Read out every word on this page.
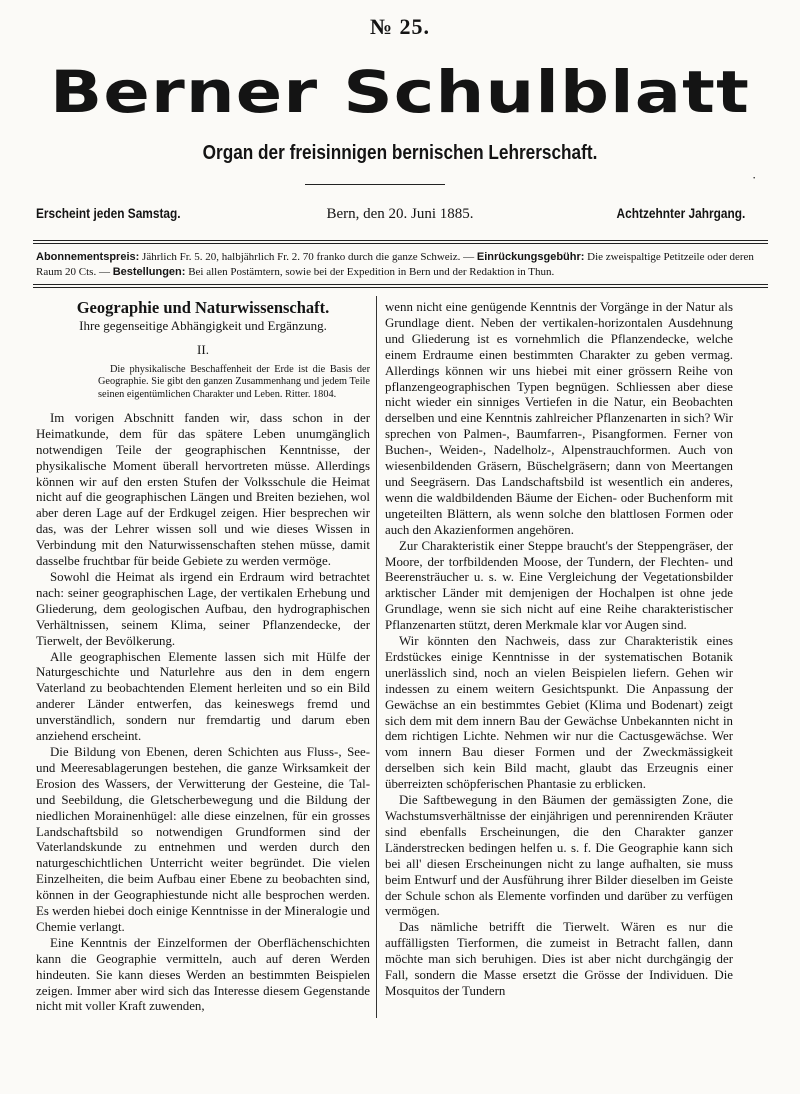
№ 25.
Berner Schulblatt
Organ der freisinnigen bernischen Lehrerschaft.
·
Erscheint jeden Samstag.	Bern, den 20. Juni 1885.	Achtzehnter Jahrgang.
Abonnementspreis: Jährlich Fr. 5. 20, halbjährlich Fr. 2. 70 franko durch die ganze Schweiz. — Einrückungsgebühr: Die zweispaltige Petitzeile oder deren Raum 20 Cts. — Bestellungen: Bei allen Postämtern, sowie bei der Expedition in Bern und der Redaktion in Thun.
Geographie und Naturwissenschaft.
Ihre gegenseitige Abhängigkeit und Ergänzung.
II.

Die physikalische Beschaffenheit der Erde ist die Basis der Geographie. Sie gibt den ganzen Zusammenhang und jedem Teile seinen eigentümlichen Charakter und Leben. Ritter. 1804.

Im vorigen Abschnitt fanden wir, dass schon in der Heimatkunde, dem für das spätere Leben unumgänglich notwendigen Teile der geographischen Kenntnisse, der physikalische Moment überall hervortreten müsse. Allerdings können wir auf den ersten Stufen der Volksschule die Heimat nicht auf die geographischen Längen und Breiten beziehen, wol aber deren Lage auf der Erdkugel zeigen. Hier besprechen wir das, was der Lehrer wissen soll und wie dieses Wissen in Verbindung mit den Naturwissenschaften stehen müsse, damit dasselbe fruchtbar für beide Gebiete zu werden vermöge.

Sowohl die Heimat als irgend ein Erdraum wird betrachtet nach: seiner geographischen Lage, der vertikalen Erhebung und Gliederung, dem geologischen Aufbau, den hydrographischen Verhältnissen, seinem Klima, seiner Pflanzendecke, der Tierwelt, der Bevölkerung.

Alle geographischen Elemente lassen sich mit Hülfe der Naturgeschichte und Naturlehre aus den in dem engern Vaterland zu beobachtenden Element herleiten und so ein Bild anderer Länder entwerfen, das keineswegs fremd und unverständlich, sondern nur fremdartig und darum eben anziehend erscheint.

Die Bildung von Ebenen, deren Schichten aus Fluss-, See- und Meeresablagerungen bestehen, die ganze Wirksamkeit der Erosion des Wassers, der Verwitterung der Gesteine, die Tal- und Seebildung, die Gletscherbewegung und die Bildung der niedlichen Morainenhügel: alle diese einzelnen, für ein grosses Landschaftsbild so notwendigen Grundformen sind der Vaterlandskunde zu entnehmen und werden durch den naturgeschichtlichen Unterricht weiter begründet. Die vielen Einzelheiten, die beim Aufbau einer Ebene zu beobachten sind, können in der Geographiestunde nicht alle besprochen werden. Es werden hiebei doch einige Kenntnisse in der Mineralogie und Chemie verlangt.

Eine Kenntnis der Einzelformen der Oberflächenschichten kann die Geographie vermitteln, auch auf deren Werden hindeuten. Sie kann dieses Werden an bestimmten Beispielen zeigen. Immer aber wird sich das Interesse diesem Gegenstande nicht mit voller Kraft zuwenden,

wenn nicht eine genügende Kenntnis der Vorgänge in der Natur als Grundlage dient. Neben der vertikalen-horizontalen Ausdehnung und Gliederung ist es vornehmlich die Pflanzendecke, welche einem Erdraume einen bestimmten Charakter zu geben vermag. Allerdings können wir uns hiebei mit einer grössern Reihe von pflanzengeographischen Typen begnügen. Schliessen aber diese nicht wieder ein sinniges Vertiefen in die Natur, ein Beobachten derselben und eine Kenntnis zahlreicher Pflanzenarten in sich? Wir sprechen von Palmen-, Baumfarren-, Pisangformen. Ferner von Buchen-, Weiden-, Nadelholz-, Alpenstrauchformen. Auch von wiesenbildenden Gräsern, Büschelgräsern; dann von Meertangen und Seegräsern. Das Landschaftsbild ist wesentlich ein anderes, wenn die waldbildenden Bäume der Eichen- oder Buchenform mit ungeteilten Blättern, als wenn solche den blattlosen Formen oder auch den Akazienformen angehören.

Zur Charakteristik einer Steppe braucht's der Steppengräser, der Moore, der torfbildenden Moose, der Tundern, der Flechten- und Beerensträucher u. s. w. Eine Vergleichung der Vegetationsbilder arktischer Länder mit demjenigen der Hochalpen ist ohne jede Grundlage, wenn sie sich nicht auf eine Reihe charakteristischer Pflanzenarten stützt, deren Merkmale klar vor Augen sind.

Wir könnten den Nachweis, dass zur Charakteristik eines Erdstückes einige Kenntnisse in der systematischen Botanik unerlässlich sind, noch an vielen Beispielen liefern. Gehen wir indessen zu einem weitern Gesichtspunkt. Die Anpassung der Gewächse an ein bestimmtes Gebiet (Klima und Bodenart) zeigt sich dem mit dem innern Bau der Gewächse Unbekannten nicht in dem richtigen Lichte. Nehmen wir nur die Cactusgewächse. Wer vom innern Bau dieser Formen und der Zweckmässigkeit derselben sich kein Bild macht, glaubt das Erzeugnis einer überreizten schöpferischen Phantasie zu erblicken.

Die Saftbewegung in den Bäumen der gemässigten Zone, die Wachstumsverhältnisse der einjährigen und perennirenden Kräuter sind ebenfalls Erscheinungen, die den Charakter ganzer Länderstrecken bedingen helfen u. s. f. Die Geographie kann sich bei all' diesen Erscheinungen nicht zu lange aufhalten, sie muss beim Entwurf und der Ausführung ihrer Bilder dieselben im Geiste der Schule schon als Elemente vorfinden und darüber zu verfügen vermögen.

Das nämliche betrifft die Tierwelt. Wären es nur die auffälligsten Tierformen, die zumeist in Betracht fallen, dann möchte man sich beruhigen. Dies ist aber nicht durchgängig der Fall, sondern die Masse ersetzt die Grösse der Individuen. Die Mosquitos der Tundern
